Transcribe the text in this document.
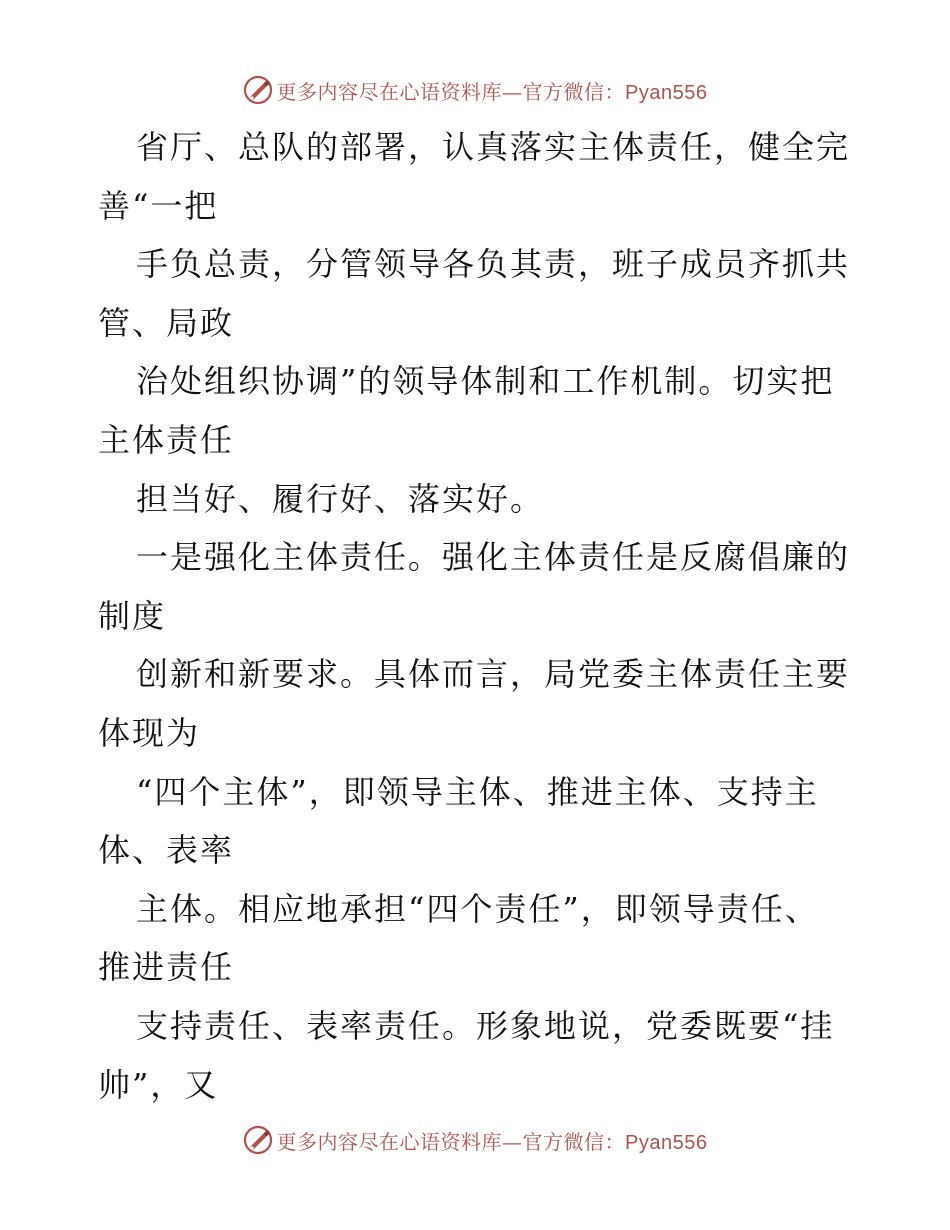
更多内容尽在心语资料库—官方微信：Pyan556

省厅、总队的部署，认真落实主体责任，健全完

善“一把

手负总责，分管领导各负其责，班子成员齐抓共

管、局政

治处组织协调”的领导体制和工作机制。切实把

主体责任

担当好、履行好、落实好。

一是强化主体责任。强化主体责任是反腐倡廉的

制度

创新和新要求。具体而言，局党委主体责任主要

体现为

“四个主体”，即领导主体、推进主体、支持主

体、表率

主体。相应地承担“四个责任”，即领导责任、

推进责任

支持责任、表率责任。形象地说，党委既要“挂

帅”，又

更多内容尽在心语资料库—官方微信：Pyan556
